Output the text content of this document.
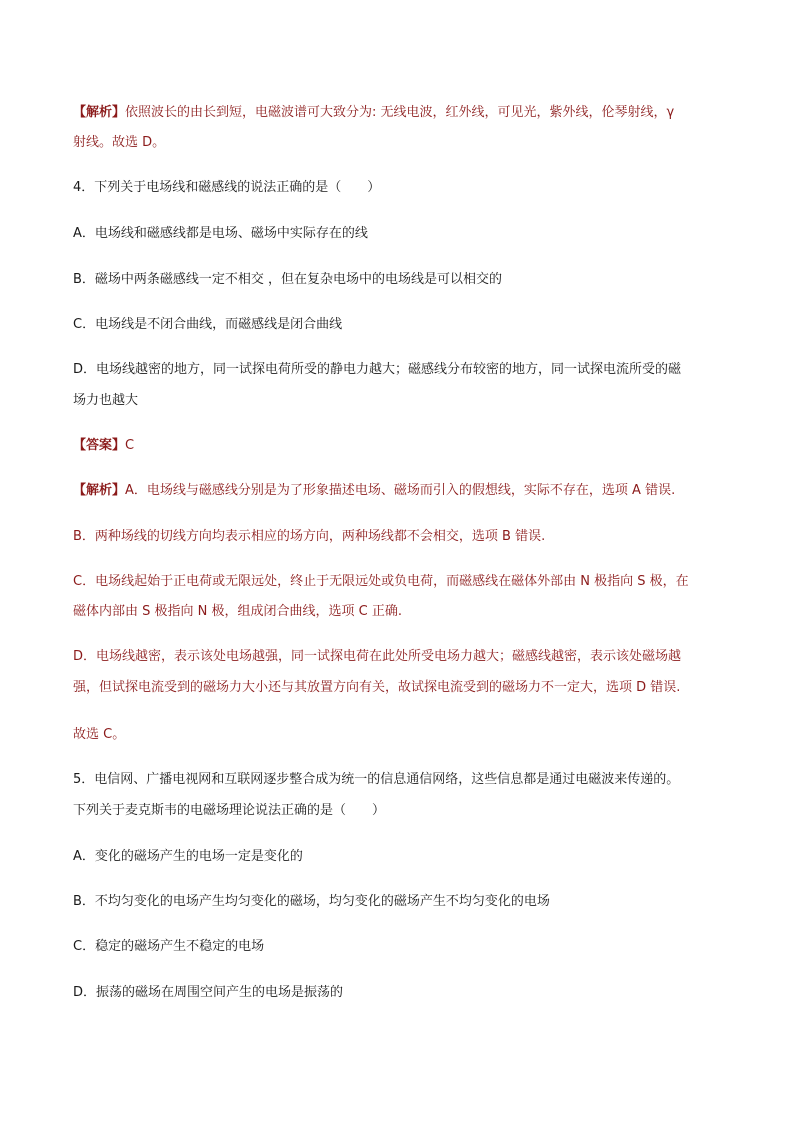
【解析】依照波长的由长到短，电磁波谱可大致分为: 无线电波，红外线，可见光，紫外线，伦琴射线，γ
射线。故选 D。
4．下列关于电场线和磁感线的说法正确的是（　　）
A．电场线和磁感线都是电场、磁场中实际存在的线
B．磁场中两条磁感线一定不相交 ，但在复杂电场中的电场线是可以相交的
C．电场线是不闭合曲线，而磁感线是闭合曲线
D．电场线越密的地方，同一试探电荷所受的静电力越大；磁感线分布较密的地方，同一试探电流所受的磁
场力也越大
【答案】C
【解析】A．电场线与磁感线分别是为了形象描述电场、磁场而引入的假想线，实际不存在，选项 A 错误.
B．两种场线的切线方向均表示相应的场方向，两种场线都不会相交，选项 B 错误.
C．电场线起始于正电荷或无限远处，终止于无限远处或负电荷，而磁感线在磁体外部由 N 极指向 S 极，在
磁体内部由 S 极指向 N 极，组成闭合曲线，选项 C 正确.
D．电场线越密，表示该处电场越强，同一试探电荷在此处所受电场力越大；磁感线越密，表示该处磁场越
强，但试探电流受到的磁场力大小还与其放置方向有关，故试探电流受到的磁场力不一定大，选项 D 错误.
故选 C。
5．电信网、广播电视网和互联网逐步整合成为统一的信息通信网络，这些信息都是通过电磁波来传递的。
下列关于麦克斯韦的电磁场理论说法正确的是（　　）
A．变化的磁场产生的电场一定是变化的
B．不均匀变化的电场产生均匀变化的磁场，均匀变化的磁场产生不均匀变化的电场
C．稳定的磁场产生不稳定的电场
D．振荡的磁场在周围空间产生的电场是振荡的
